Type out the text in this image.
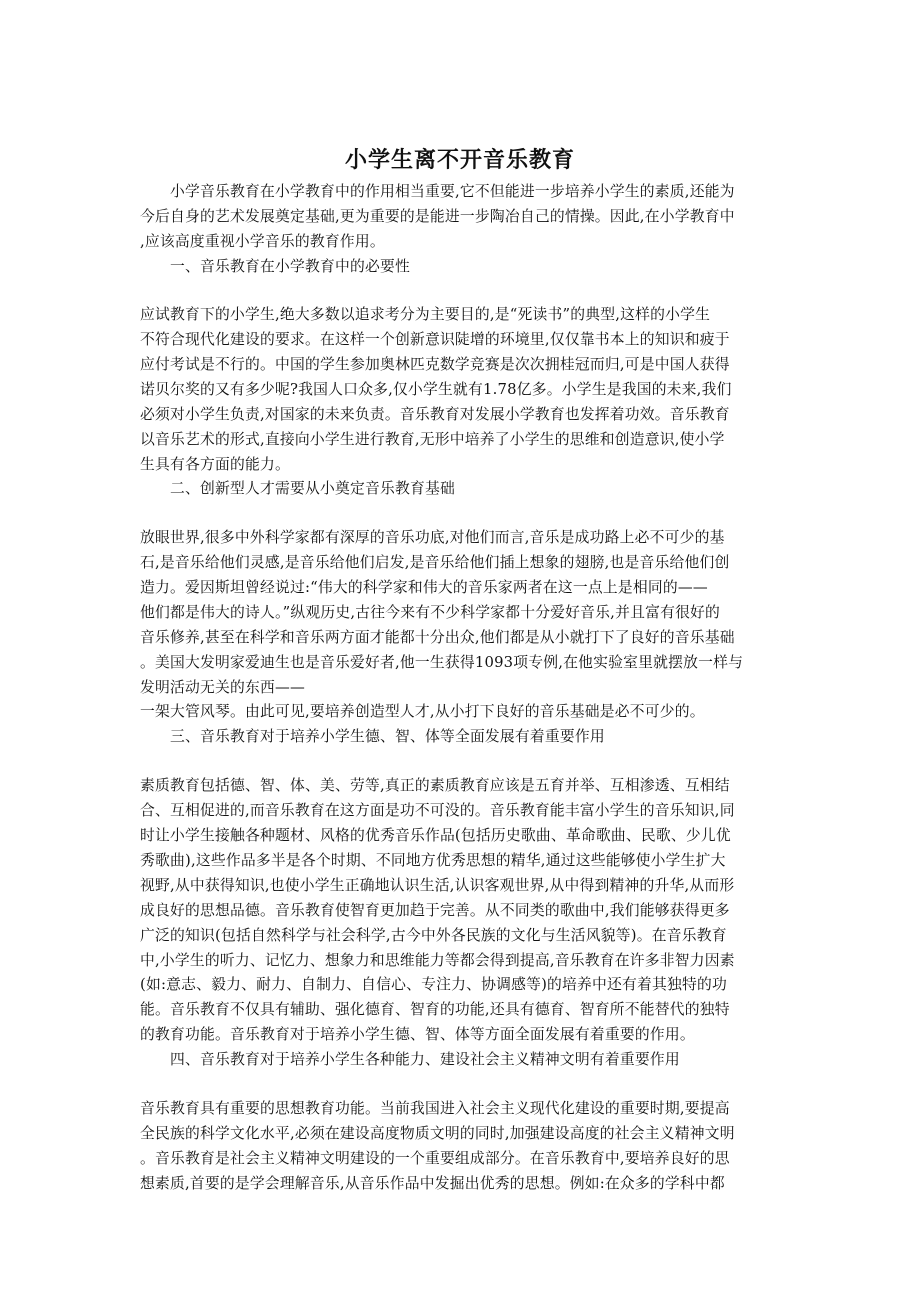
小学生离不开音乐教育
小学音乐教育在小学教育中的作用相当重要,它不但能进一步培养小学生的素质,还能为
今后自身的艺术发展奠定基础,更为重要的是能进一步陶冶自己的情操。因此,在小学教育中
,应该高度重视小学音乐的教育作用。
一、音乐教育在小学教育中的必要性
应试教育下的小学生,绝大多数以追求考分为主要目的,是“死读书”的典型,这样的小学生
不符合现代化建设的要求。在这样一个创新意识陡增的环境里,仅仅靠书本上的知识和疲于
应付考试是不行的。中国的学生参加奥林匹克数学竞赛是次次拥桂冠而归,可是中国人获得
诺贝尔奖的又有多少呢?我国人口众多,仅小学生就有1.78亿多。小学生是我国的未来,我们
必须对小学生负责,对国家的未来负责。音乐教育对发展小学教育也发挥着功效。音乐教育
以音乐艺术的形式,直接向小学生进行教育,无形中培养了小学生的思维和创造意识,使小学
生具有各方面的能力。
二、创新型人才需要从小奠定音乐教育基础
放眼世界,很多中外科学家都有深厚的音乐功底,对他们而言,音乐是成功路上必不可少的基
石,是音乐给他们灵感,是音乐给他们启发,是音乐给他们插上想象的翅膀,也是音乐给他们创
造力。爱因斯坦曾经说过:“伟大的科学家和伟大的音乐家两者在这一点上是相同的——
他们都是伟大的诗人。”纵观历史,古往今来有不少科学家都十分爱好音乐,并且富有很好的
音乐修养,甚至在科学和音乐两方面才能都十分出众,他们都是从小就打下了良好的音乐基础
。美国大发明家爱迪生也是音乐爱好者,他一生获得1093项专例,在他实验室里就摆放一样与
发明活动无关的东西——
一架大管风琴。由此可见,要培养创造型人才,从小打下良好的音乐基础是必不可少的。
三、音乐教育对于培养小学生德、智、体等全面发展有着重要作用
素质教育包括德、智、体、美、劳等,真正的素质教育应该是五育并举、互相渗透、互相结
合、互相促进的,而音乐教育在这方面是功不可没的。音乐教育能丰富小学生的音乐知识,同
时让小学生接触各种题材、风格的优秀音乐作品(包括历史歌曲、革命歌曲、民歌、少儿优
秀歌曲),这些作品多半是各个时期、不同地方优秀思想的精华,通过这些能够使小学生扩大
视野,从中获得知识,也使小学生正确地认识生活,认识客观世界,从中得到精神的升华,从而形
成良好的思想品德。音乐教育使智育更加趋于完善。从不同类的歌曲中,我们能够获得更多
广泛的知识(包括自然科学与社会科学,古今中外各民族的文化与生活风貌等)。在音乐教育
中,小学生的听力、记忆力、想象力和思维能力等都会得到提高,音乐教育在许多非智力因素
(如:意志、毅力、耐力、自制力、自信心、专注力、协调感等)的培养中还有着其独特的功
能。音乐教育不仅具有辅助、强化德育、智育的功能,还具有德育、智育所不能替代的独特
的教育功能。音乐教育对于培养小学生德、智、体等方面全面发展有着重要的作用。
四、音乐教育对于培养小学生各种能力、建设社会主义精神文明有着重要作用
音乐教育具有重要的思想教育功能。当前我国进入社会主义现代化建设的重要时期,要提高
全民族的科学文化水平,必须在建设高度物质文明的同时,加强建设高度的社会主义精神文明
。音乐教育是社会主义精神文明建设的一个重要组成部分。在音乐教育中,要培养良好的思
想素质,首要的是学会理解音乐,从音乐作品中发掘出优秀的思想。例如:在众多的学科中都
